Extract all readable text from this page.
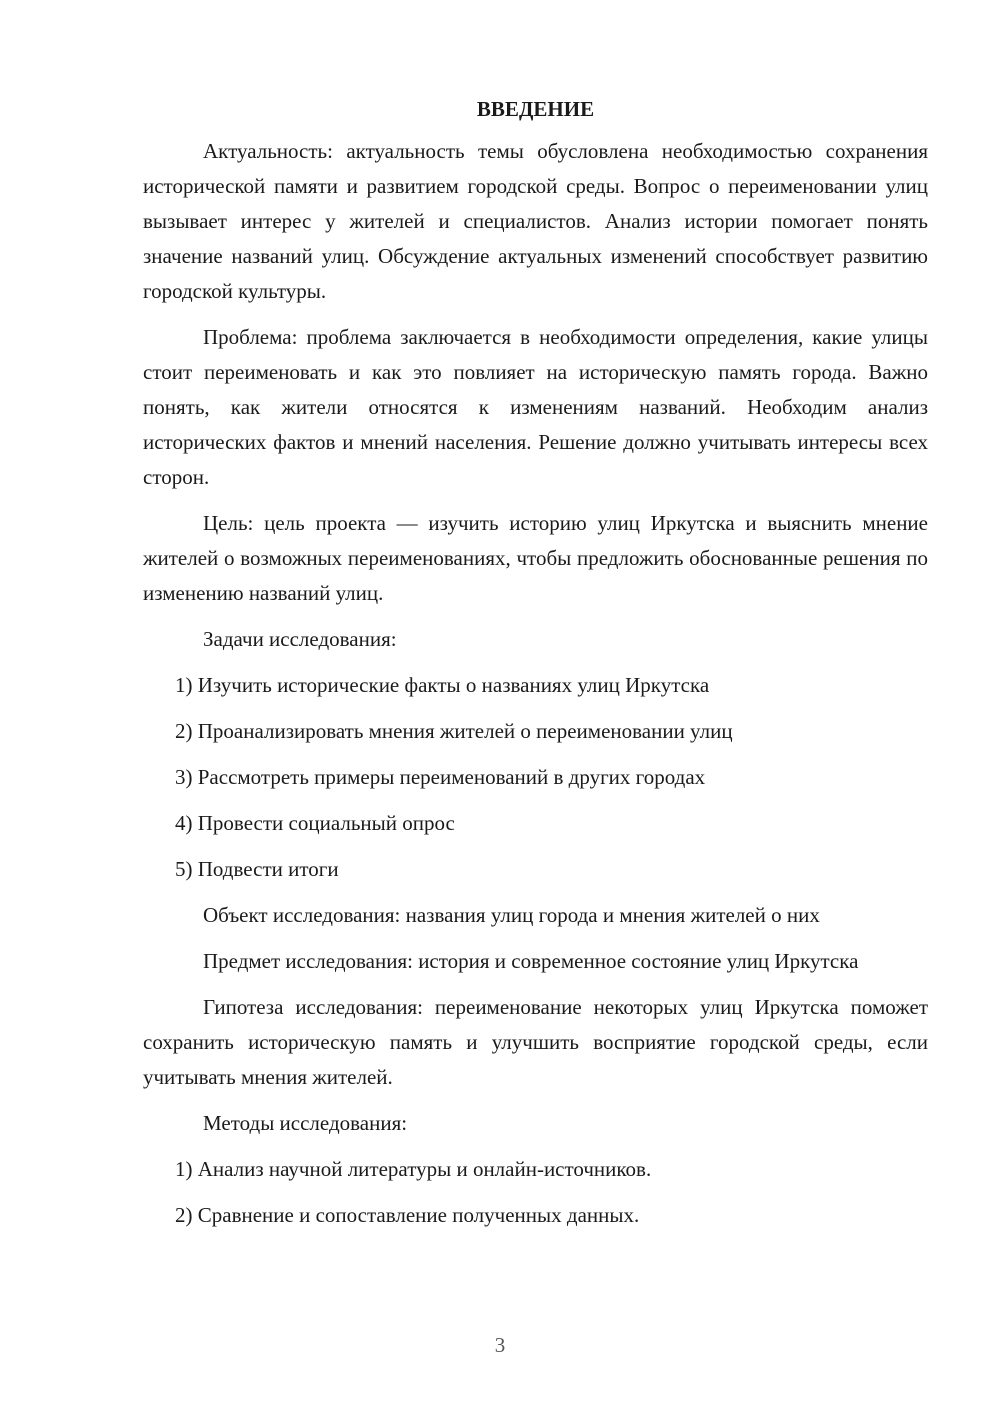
ВВЕДЕНИЕ

Актуальность: актуальность темы обусловлена необходимостью сохранения исторической памяти и развитием городской среды. Вопрос о переименовании улиц вызывает интерес у жителей и специалистов. Анализ истории помогает понять значение названий улиц. Обсуждение актуальных изменений способствует развитию городской культуры.

Проблема: проблема заключается в необходимости определения, какие улицы стоит переименовать и как это повлияет на историческую память города. Важно понять, как жители относятся к изменениям названий. Необходим анализ исторических фактов и мнений населения. Решение должно учитывать интересы всех сторон.

Цель: цель проекта — изучить историю улиц Иркутска и выяснить мнение жителей о возможных переименованиях, чтобы предложить обоснованные решения по изменению названий улиц.

Задачи исследования:

1) Изучить исторические факты о названиях улиц Иркутска
2) Проанализировать мнения жителей о переименовании улиц
3) Рассмотреть примеры переименований в других городах
4) Провести социальный опрос
5) Подвести итоги

Объект исследования: названия улиц города и мнения жителей о них

Предмет исследования: история и современное состояние улиц Иркутска

Гипотеза исследования: переименование некоторых улиц Иркутска поможет сохранить историческую память и улучшить восприятие городской среды, если учитывать мнения жителей.

Методы исследования:

1) Анализ научной литературы и онлайн-источников.
2) Сравнение и сопоставление полученных данных.
3
